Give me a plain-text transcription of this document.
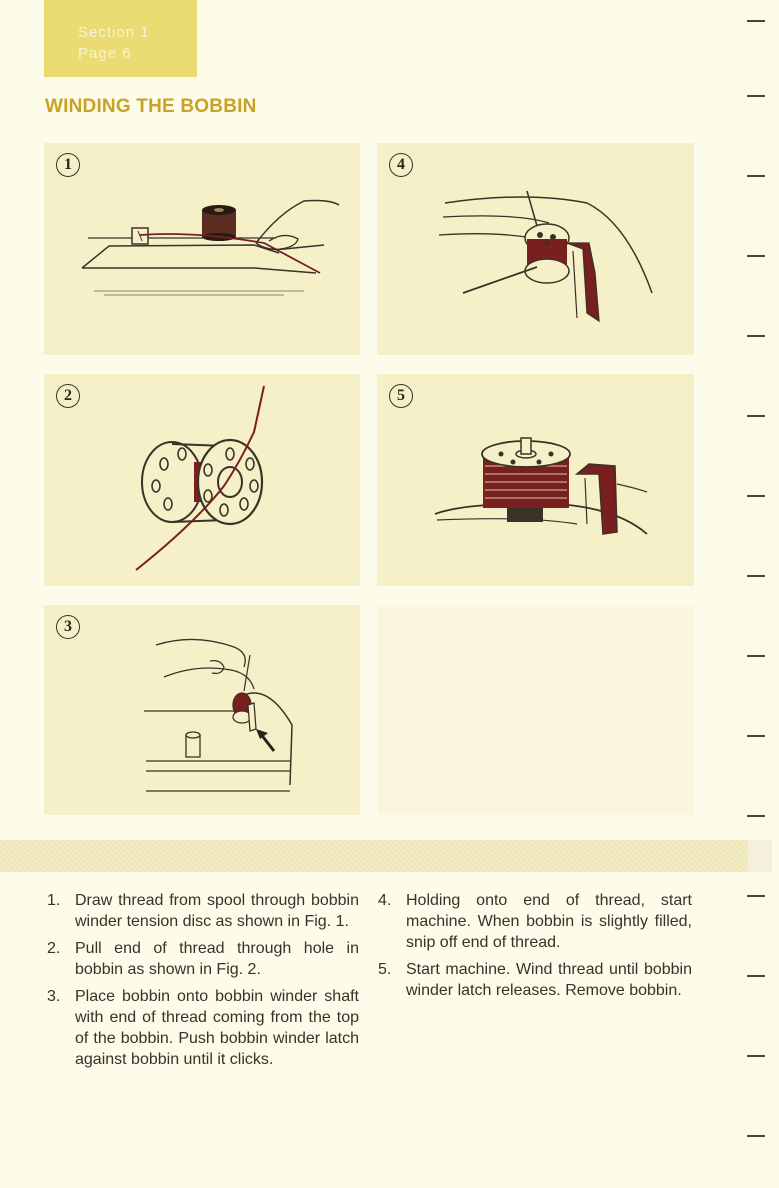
Section 1
Page 6
WINDING THE BOBBIN
1	4
2	5
3
1. Draw thread from spool through bobbin winder tension disc as shown in Fig. 1.
2. Pull end of thread through hole in bobbin as shown in Fig. 2.
3. Place bobbin onto bobbin winder shaft with end of thread coming from the top of the bobbin. Push bobbin winder latch against bobbin until it clicks.
4. Holding onto end of thread, start machine. When bobbin is slightly filled, snip off end of thread.
5. Start machine. Wind thread until bobbin winder latch releases. Remove bobbin.
